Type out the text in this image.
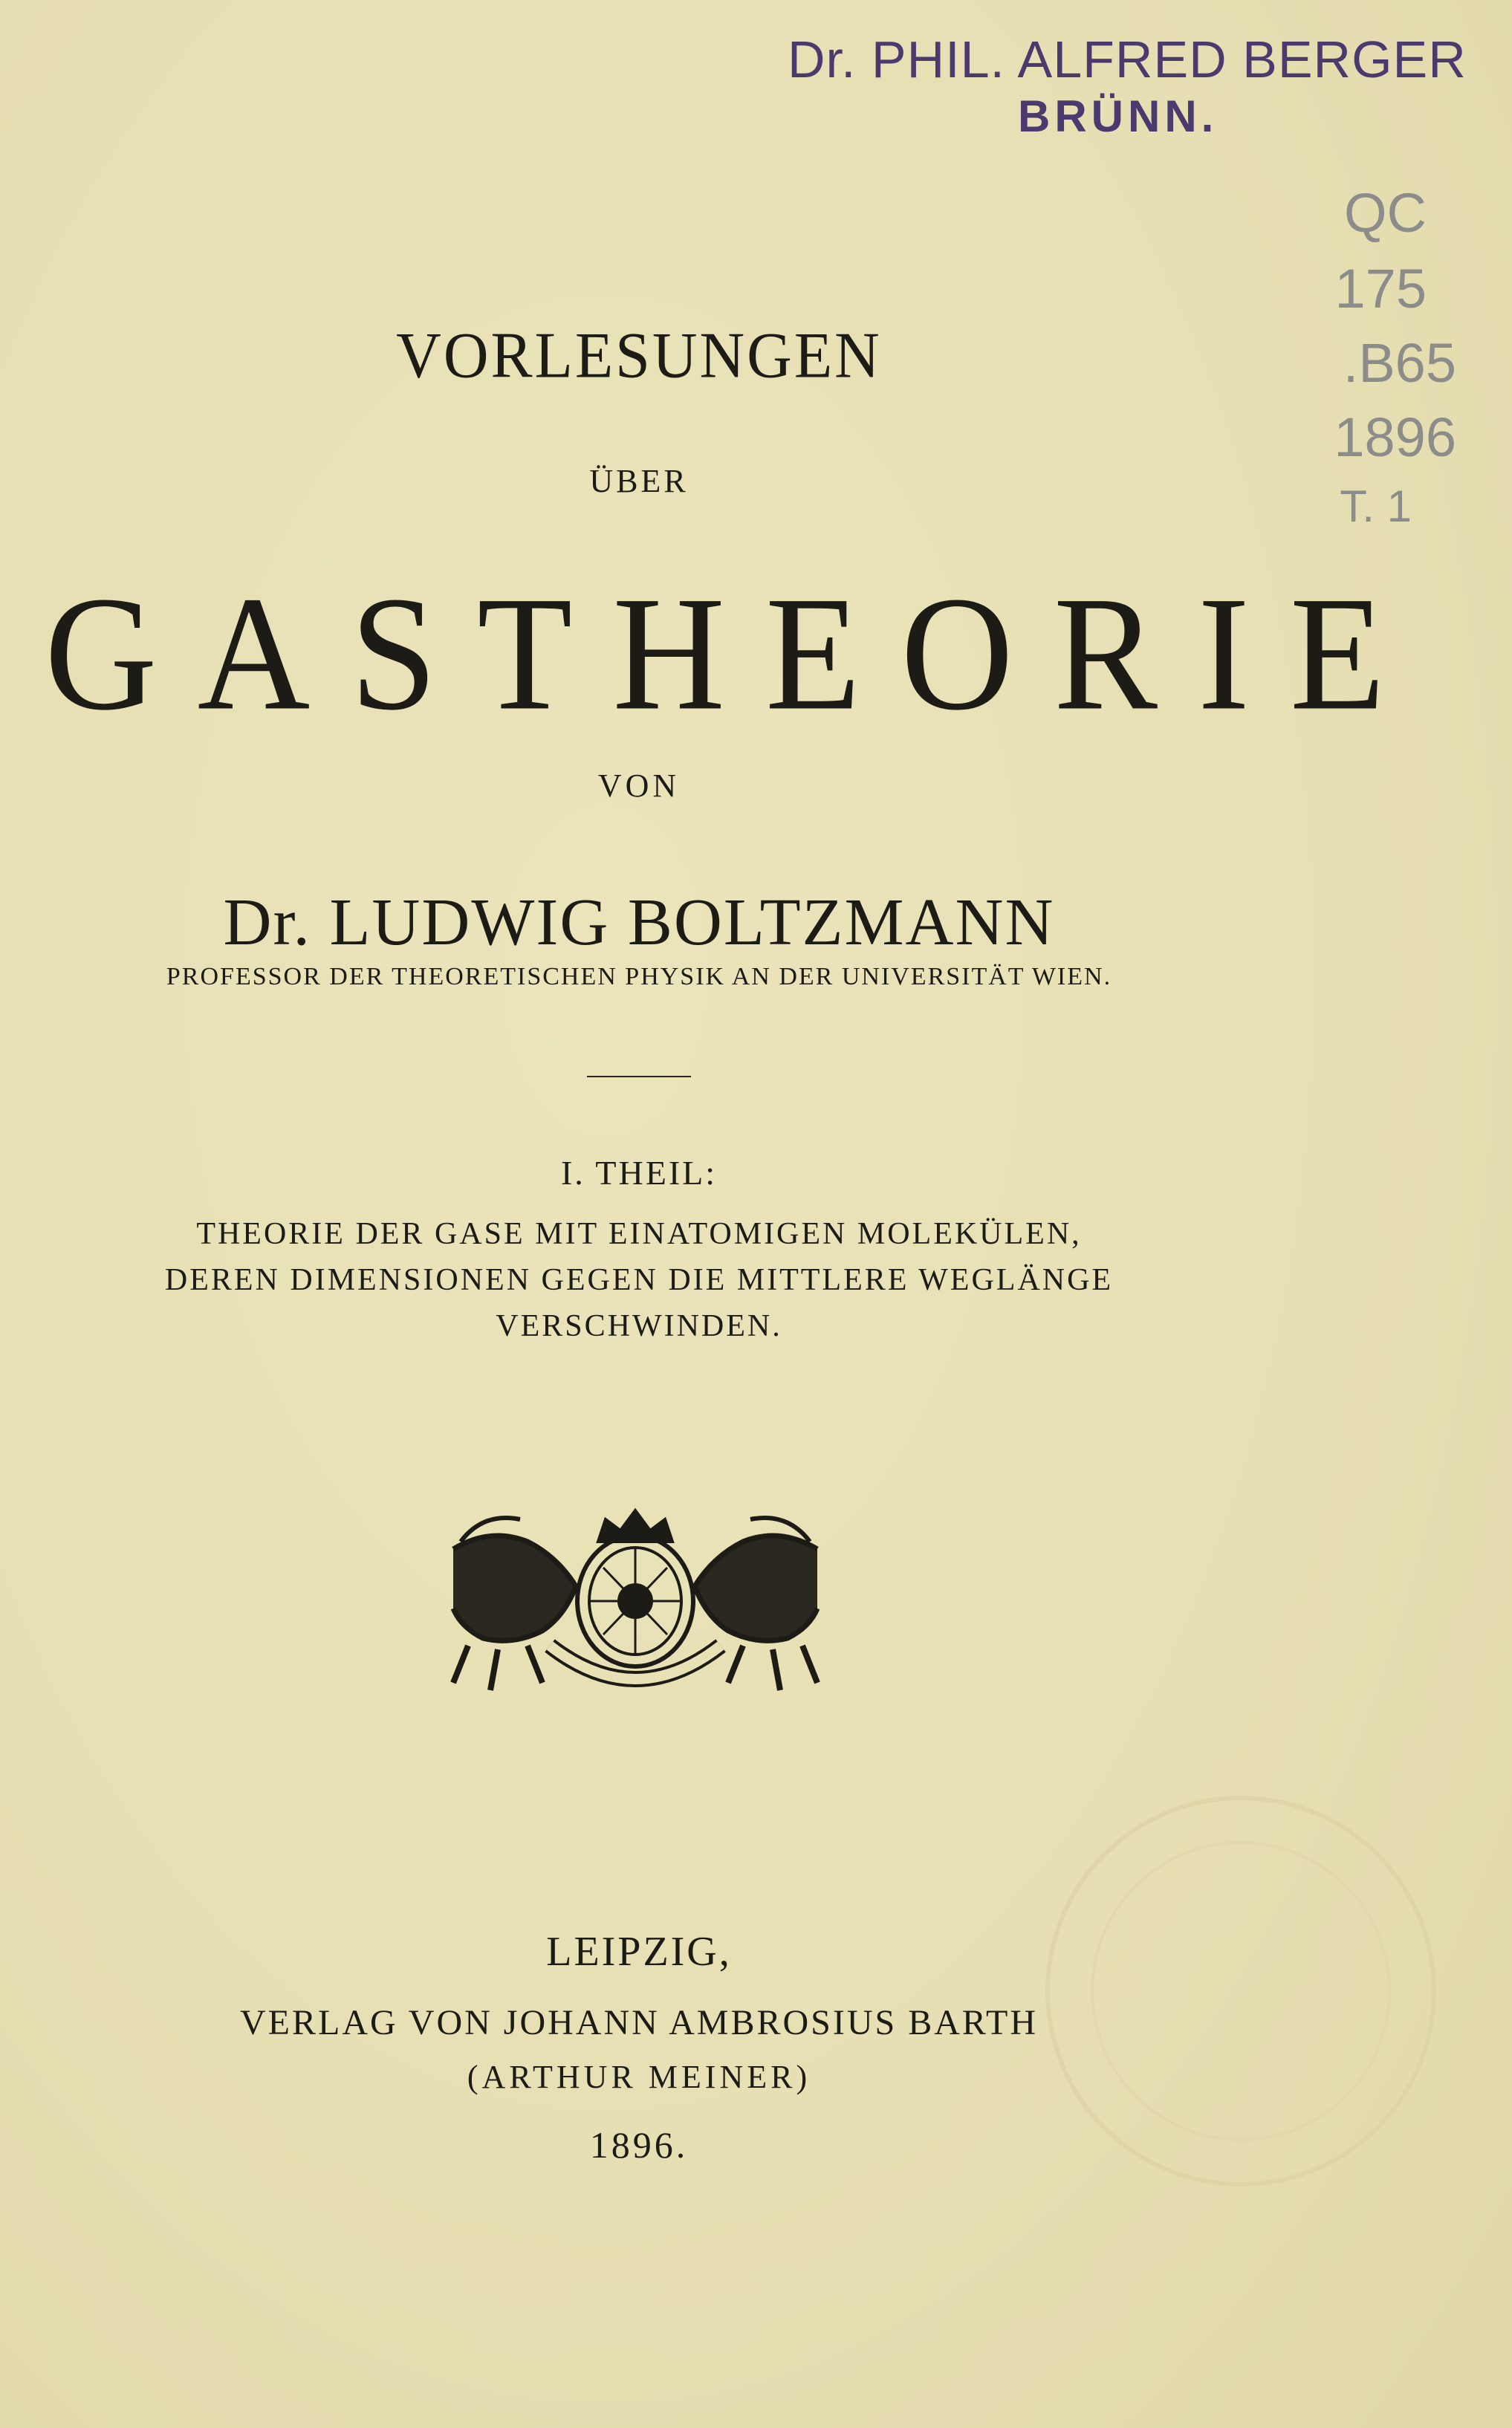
Dr. PHIL. ALFRED BERGER
BRÜNN.
QC
175
.B65
1896
T. 1
VORLESUNGEN
ÜBER
GASTHEORIE
VON
Dr. LUDWIG BOLTZMANN
PROFESSOR DER THEORETISCHEN PHYSIK AN DER UNIVERSITÄT WIEN.
I. THEIL:
THEORIE DER GASE MIT EINATOMIGEN MOLEKÜLEN,
DEREN DIMENSIONEN GEGEN DIE MITTLERE WEGLÄNGE
VERSCHWINDEN.
LEIPZIG,
VERLAG VON JOHANN AMBROSIUS BARTH
(ARTHUR MEINER)
1896.
